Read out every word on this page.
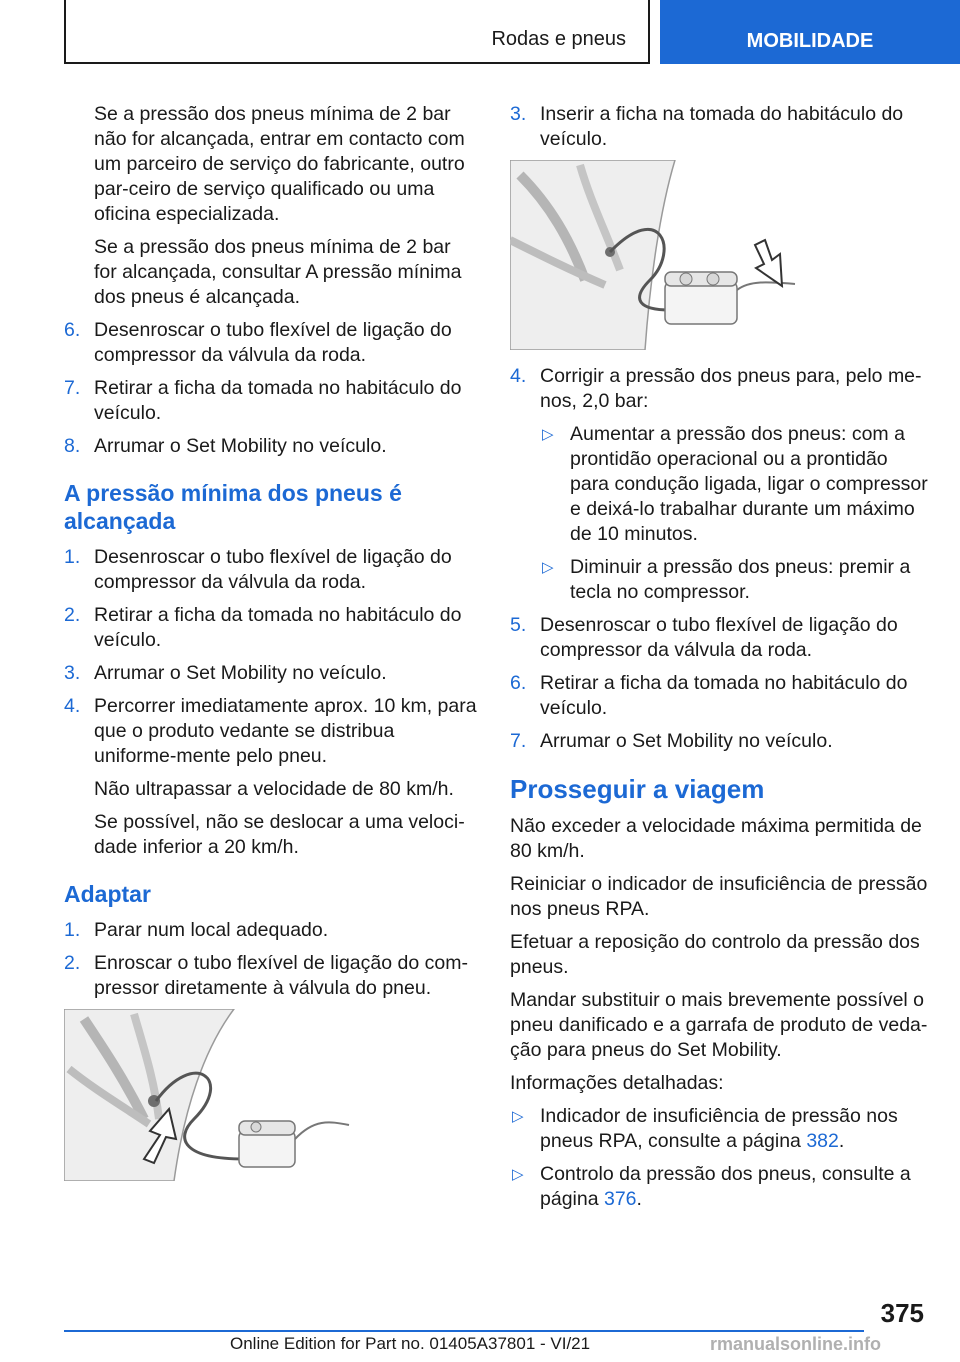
Rodas e pneus	MOBILIDADE

Se a pressão dos pneus mínima de 2 bar não for alcançada, entrar em contacto com um parceiro de serviço do fabricante, outro par-ceiro de serviço qualificado ou uma oficina especializada.

Se a pressão dos pneus mínima de 2 bar for alcançada, consultar A pressão mínima dos pneus é alcançada.

6. Desenroscar o tubo flexível de ligação do compressor da válvula da roda.
7. Retirar a ficha da tomada no habitáculo do veículo.
8. Arrumar o Set Mobility no veículo.
A pressão mínima dos pneus é alcançada
1. Desenroscar o tubo flexível de ligação do compressor da válvula da roda.
2. Retirar a ficha da tomada no habitáculo do veículo.
3. Arrumar o Set Mobility no veículo.
4. Percorrer imediatamente aprox. 10 km, para que o produto vedante se distribua uniforme-mente pelo pneu.

Não ultrapassar a velocidade de 80 km/h.

Se possível, não se deslocar a uma veloci-dade inferior a 20 km/h.

Adaptar
1. Parar num local adequado.
2. Enroscar o tubo flexível de ligação do com-pressor diretamente à válvula do pneu.
3. Inserir a ficha na tomada do habitáculo do veículo.
4. Corrigir a pressão dos pneus para, pelo me-nos, 2,0 bar:
▷ Aumentar a pressão dos pneus: com a prontidão operacional ou a prontidão para condução ligada, ligar o compressor e deixá-lo trabalhar durante um máximo de 10 minutos.
▷ Diminuir a pressão dos pneus: premir a tecla no compressor.
5. Desenroscar o tubo flexível de ligação do compressor da válvula da roda.
6. Retirar a ficha da tomada no habitáculo do veículo.
7. Arrumar o Set Mobility no veículo.
Prosseguir a viagem

Não exceder a velocidade máxima permitida de 80 km/h.

Reiniciar o indicador de insuficiência de pressão nos pneus RPA.

Efetuar a reposição do controlo da pressão dos pneus.

Mandar substituir o mais brevemente possível o pneu danificado e a garrafa de produto de veda-ção para pneus do Set Mobility.

Informações detalhadas:

▷ Indicador de insuficiência de pressão nos pneus RPA, consulte a página 382.
▷ Controlo da pressão dos pneus, consulte a página 376.
375
Online Edition for Part no. 01405A37801 - VI/21	rmanualsonline.info
